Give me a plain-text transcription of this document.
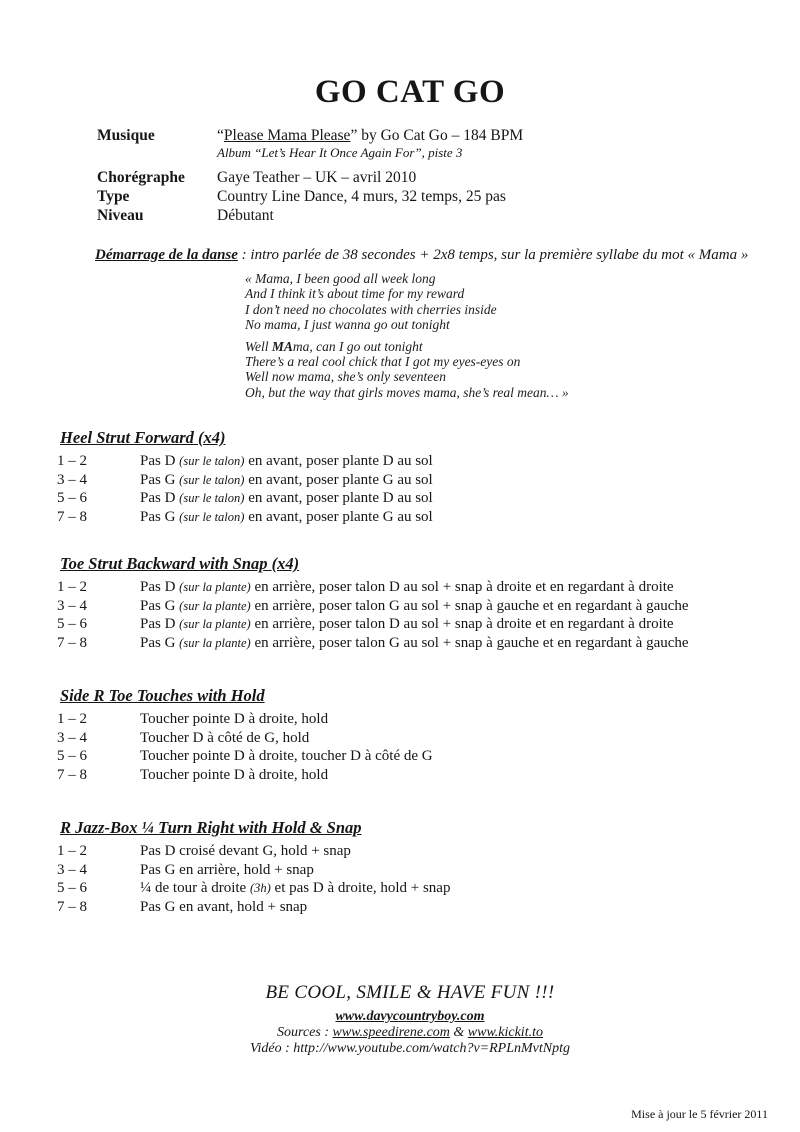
GO CAT GO
Musique	“Please Mama Please” by Go Cat Go – 184 BPM
Album “Let’s Hear It Once Again For”, piste 3
Chorégraphe	Gaye Teather – UK – avril 2010
Type	Country Line Dance, 4 murs, 32 temps, 25 pas
Niveau	Débutant
Démarrage de la danse : intro parlée de 38 secondes + 2x8 temps, sur la première syllabe du mot « Mama »
« Mama, I been good all week long
And I think it’s about time for my reward
I don’t need no chocolates with cherries inside
No mama, I just wanna go out tonight
Well MAma, can I go out tonight
There’s a real cool chick that I got my eyes-eyes on
Well now mama, she’s only seventeen
Oh, but the way that girls moves mama, she’s real mean… »
Heel Strut Forward (x4)
1 – 2	Pas D (sur le talon) en avant, poser plante D au sol
3 – 4	Pas G (sur le talon) en avant, poser plante G au sol
5 – 6	Pas D (sur le talon) en avant, poser plante D au sol
7 – 8	Pas G (sur le talon) en avant, poser plante G au sol
Toe Strut Backward with Snap (x4)
1 – 2	Pas D (sur la plante) en arrière, poser talon D au sol + snap à droite et en regardant à droite
3 – 4	Pas G (sur la plante) en arrière, poser talon G au sol + snap à gauche et en regardant à gauche
5 – 6	Pas D (sur la plante) en arrière, poser talon D au sol + snap à droite et en regardant à droite
7 – 8	Pas G (sur la plante) en arrière, poser talon G au sol + snap à gauche et en regardant à gauche
Side R Toe Touches with Hold
1 – 2	Toucher pointe D à droite, hold
3 – 4	Toucher D à côté de G, hold
5 – 6	Toucher pointe D à droite, toucher D à côté de G
7 – 8	Toucher pointe D à droite, hold
R Jazz-Box ¼ Turn Right with Hold & Snap
1 – 2	Pas D croisé devant G, hold + snap
3 – 4	Pas G en arrière, hold + snap
5 – 6	¼ de tour à droite (3h) et pas D à droite, hold + snap
7 – 8	Pas G en avant, hold + snap
BE COOL, SMILE & HAVE FUN !!!
www.davycountryboy.com
Sources : www.speedirene.com & www.kickit.to
Vidéo : http://www.youtube.com/watch?v=RPLnMvtNptg
Mise à jour le 5 février 2011
